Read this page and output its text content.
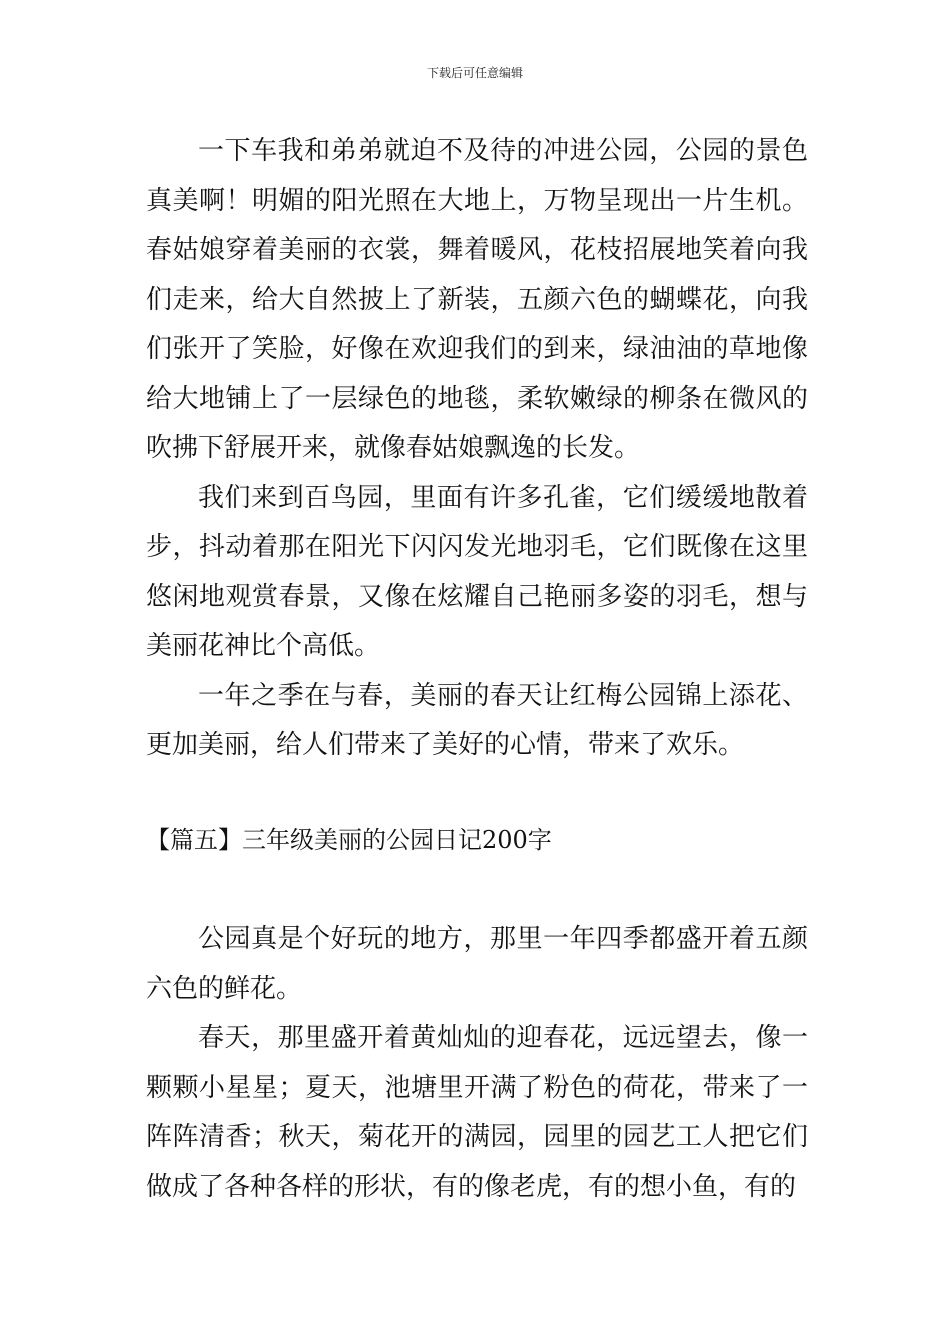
下载后可任意编辑

一下车我和弟弟就迫不及待的冲进公园，公园的景色真美啊！明媚的阳光照在大地上，万物呈现出一片生机。春姑娘穿着美丽的衣裳，舞着暖风，花枝招展地笑着向我们走来，给大自然披上了新装，五颜六色的蝴蝶花，向我们张开了笑脸，好像在欢迎我们的到来，绿油油的草地像给大地铺上了一层绿色的地毯，柔软嫩绿的柳条在微风的吹拂下舒展开来，就像春姑娘飘逸的长发。

我们来到百鸟园，里面有许多孔雀，它们缓缓地散着步，抖动着那在阳光下闪闪发光地羽毛，它们既像在这里悠闲地观赏春景，又像在炫耀自己艳丽多姿的羽毛，想与美丽花神比个高低。

一年之季在与春，美丽的春天让红梅公园锦上添花、更加美丽，给人们带来了美好的心情，带来了欢乐。

【篇五】三年级美丽的公园日记200字

公园真是个好玩的地方，那里一年四季都盛开着五颜六色的鲜花。

春天，那里盛开着黄灿灿的迎春花，远远望去，像一颗颗小星星；夏天，池塘里开满了粉色的荷花，带来了一阵阵清香；秋天，菊花开的满园，园里的园艺工人把它们做成了各种各样的形状，有的像老虎，有的想小鱼，有的
